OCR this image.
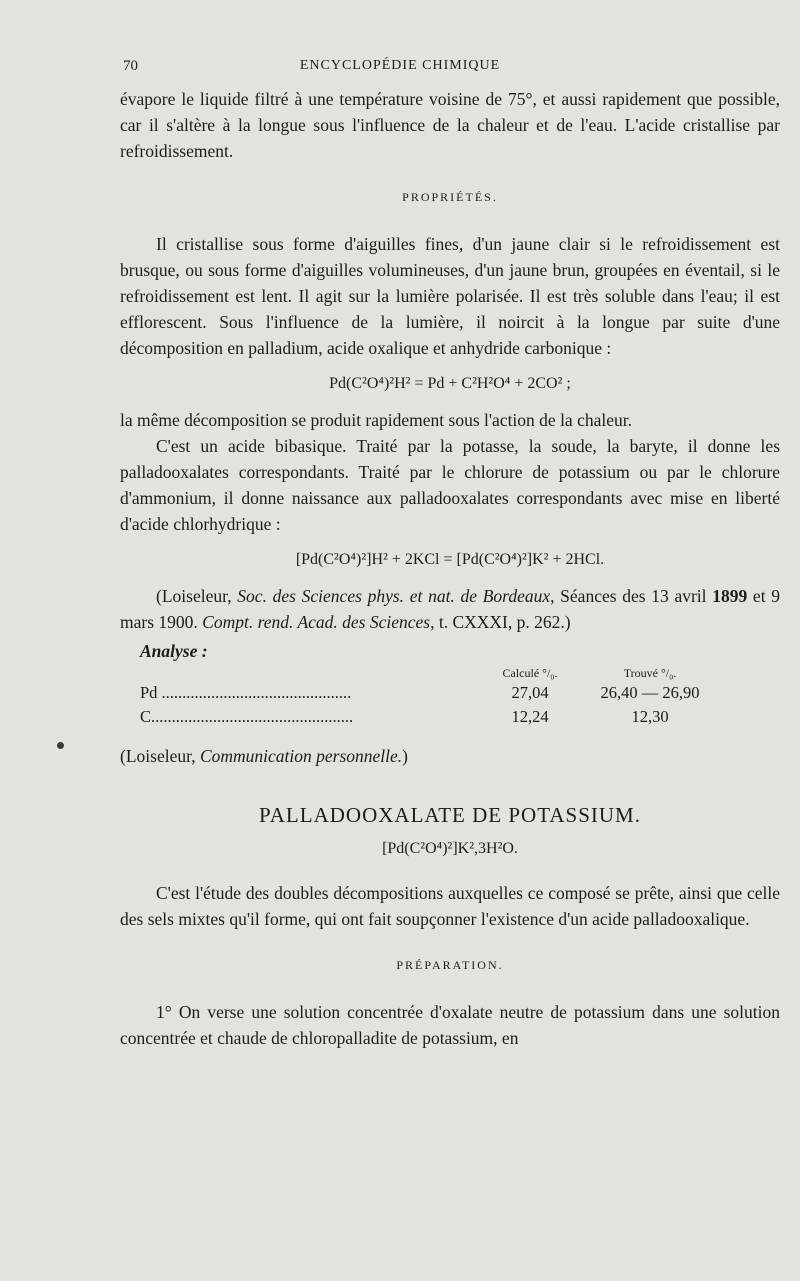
70	ENCYCLOPÉDIE CHIMIQUE

évapore le liquide filtré à une température voisine de 75°, et aussi rapidement que possible, car il s'altère à la longue sous l'influence de la chaleur et de l'eau. L'acide cristallise par refroidissement.

PROPRIÉTÉS.

Il cristallise sous forme d'aiguilles fines, d'un jaune clair si le refroidissement est brusque, ou sous forme d'aiguilles volumineuses, d'un jaune brun, groupées en éventail, si le refroidissement est lent. Il agit sur la lumière polarisée. Il est très soluble dans l'eau; il est efflorescent. Sous l'influence de la lumière, il noircit à la longue par suite d'une décomposition en palladium, acide oxalique et anhydride carbonique :

Pd(C²O⁴)²H² = Pd + C²H²O⁴ + 2CO² ;

la même décomposition se produit rapidement sous l'action de la chaleur.

C'est un acide bibasique. Traité par la potasse, la soude, la baryte, il donne les palladooxalates correspondants. Traité par le chlorure de potassium ou par le chlorure d'ammonium, il donne naissance aux palladooxalates correspondants avec mise en liberté d'acide chlorhydrique :

[Pd(C²O⁴)²]H² + 2KCl = [Pd(C²O⁴)²]K² + 2HCl.

(Loiseleur, Soc. des Sciences phys. et nat. de Bordeaux, Séances des 13 avril 1899 et 9 mars 1900. Compt. rend. Acad. des Sciences, t. CXXXI, p. 262.)

Analyse :
	Calculé °/₀.	Trouvé °/₀.
Pd ..............................................	27,04	26,40 — 26,90
C.................................................	12,24	12,30

(Loiseleur, Communication personnelle.)

PALLADOOXALATE DE POTASSIUM.
[Pd(C²O⁴)²]K²,3H²O.

C'est l'étude des doubles décompositions auxquelles ce composé se prête, ainsi que celle des sels mixtes qu'il forme, qui ont fait soupçonner l'existence d'un acide palladooxalique.

PRÉPARATION.

1° On verse une solution concentrée d'oxalate neutre de potassium dans une solution concentrée et chaude de chloropalladite de potassium, en
